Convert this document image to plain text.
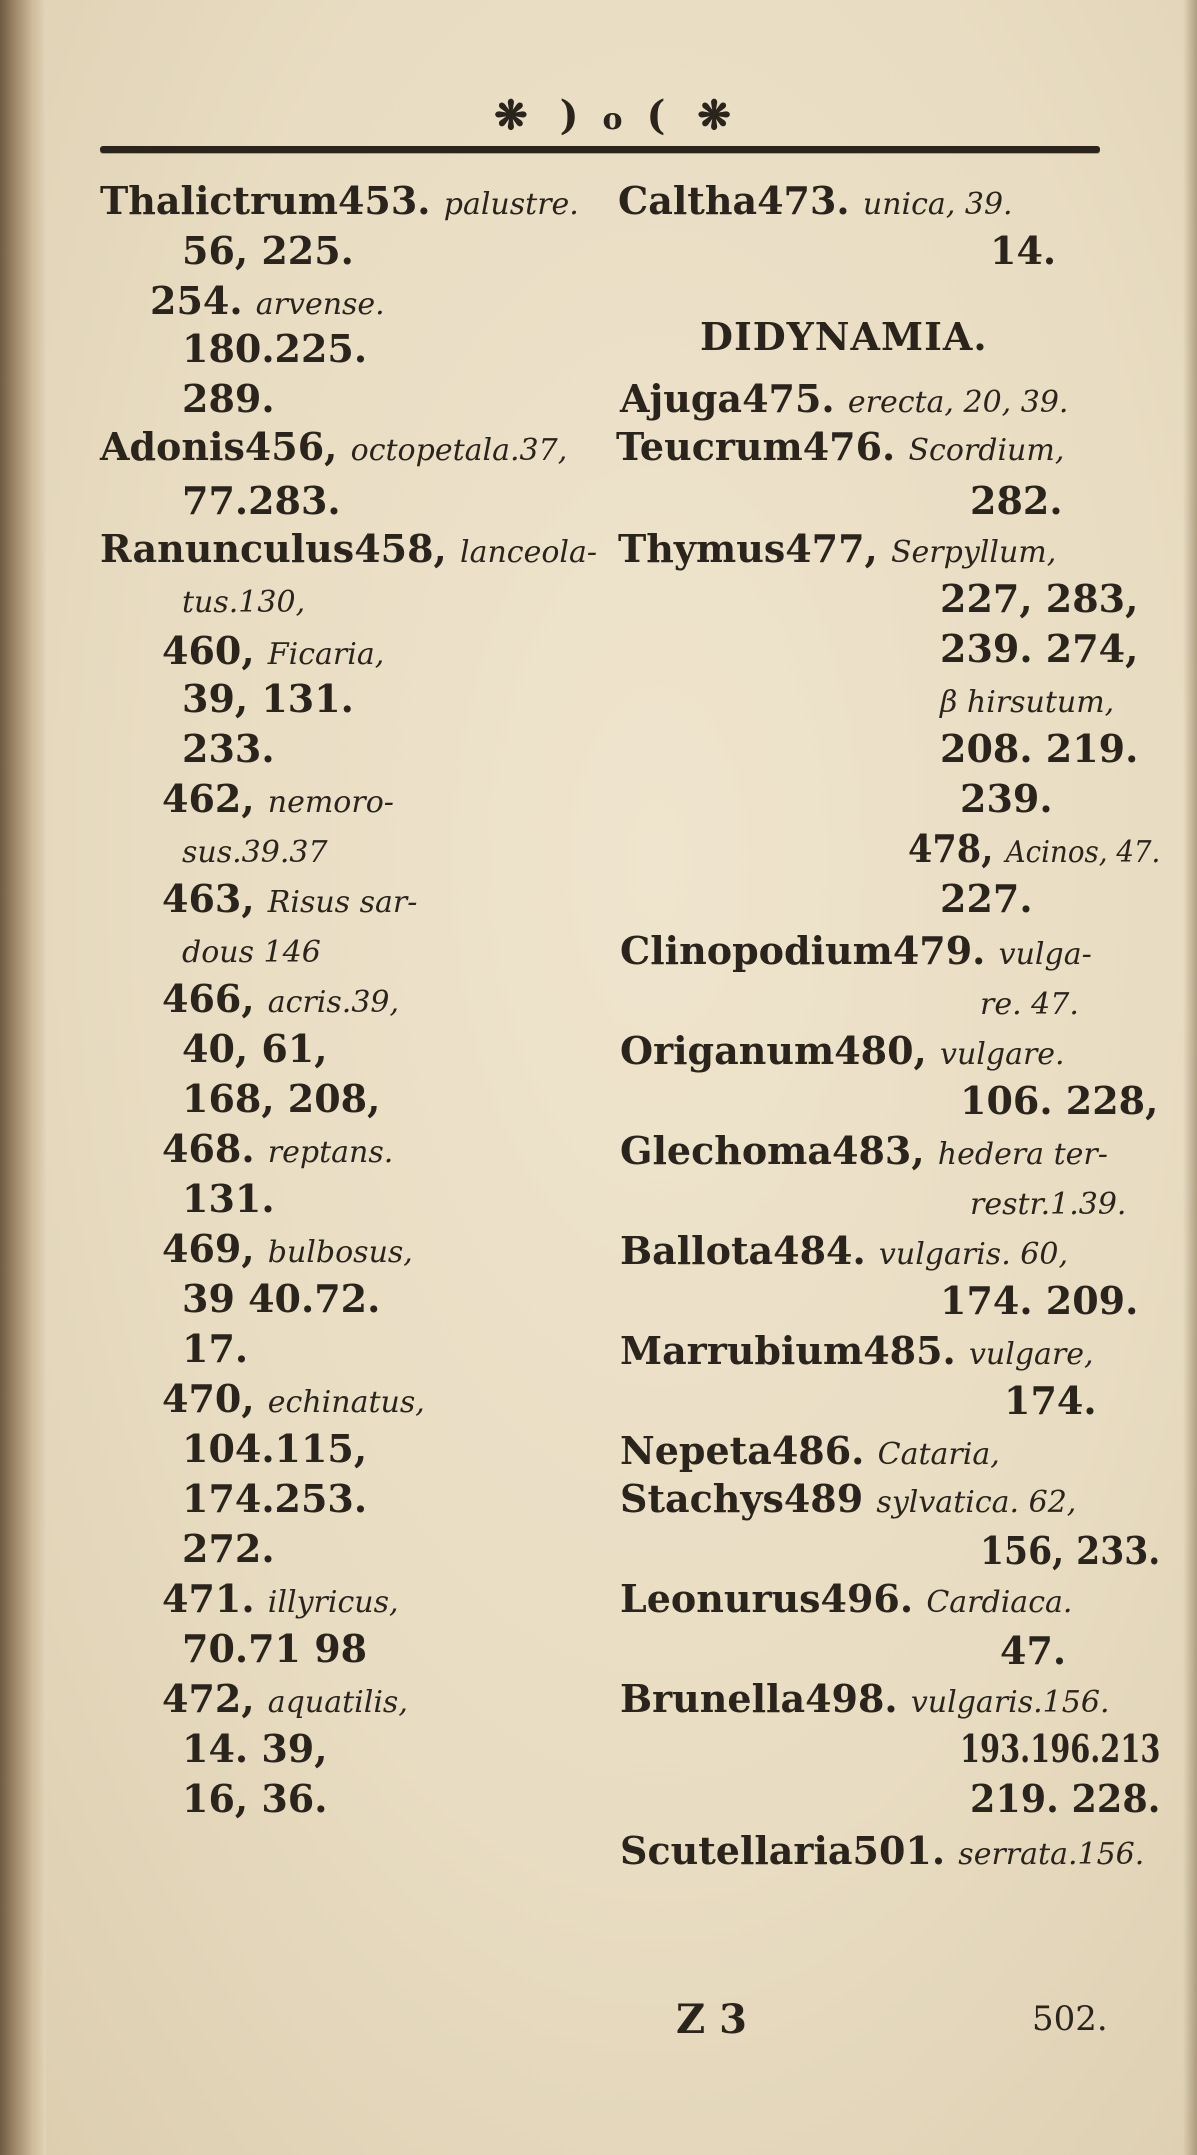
❋ ) o ( ❋
Thalictrum453. palustre.
56, 225.
254. arvense.
180.225.
289.
Adonis456, octopetala.37,
77.283.
Ranunculus458, lanceola-
tus.130,
460, Ficaria,
39, 131.
233.
462, nemoro-
sus.39.37
463, Risus sar-
dous 146
466, acris.39,
40, 61,
168, 208,
468. reptans.
131.
469, bulbosus,
39 40.72.
17.
470, echinatus,
104.115,
174.253.
272.
471. illyricus,
70.71 98
472, aquatilis,
14. 39,
16, 36.
Caltha473. unica, 39.
14.
DIDYNAMIA.
Ajuga475. erecta, 20, 39.
Teucrum476. Scordium,
282.
Thymus477, Serpyllum,
227, 283,
239. 274,
β hirsutum,
208. 219.
239.
478, Acinos, 47.
227.
Clinopodium479. vulga-
re. 47.
Origanum480, vulgare.
106. 228,
Glechoma483, hedera ter-
restr.1.39.
Ballota484. vulgaris. 60,
174. 209.
Marrubium485. vulgare,
174.
Nepeta486. Cataria,
Stachys489 sylvatica. 62,
156, 233.
Leonurus496. Cardiaca.
47.
Brunella498. vulgaris.156.
193.196.213
219. 228.
Scutellaria501. serrata.156.
Z 3	502.
